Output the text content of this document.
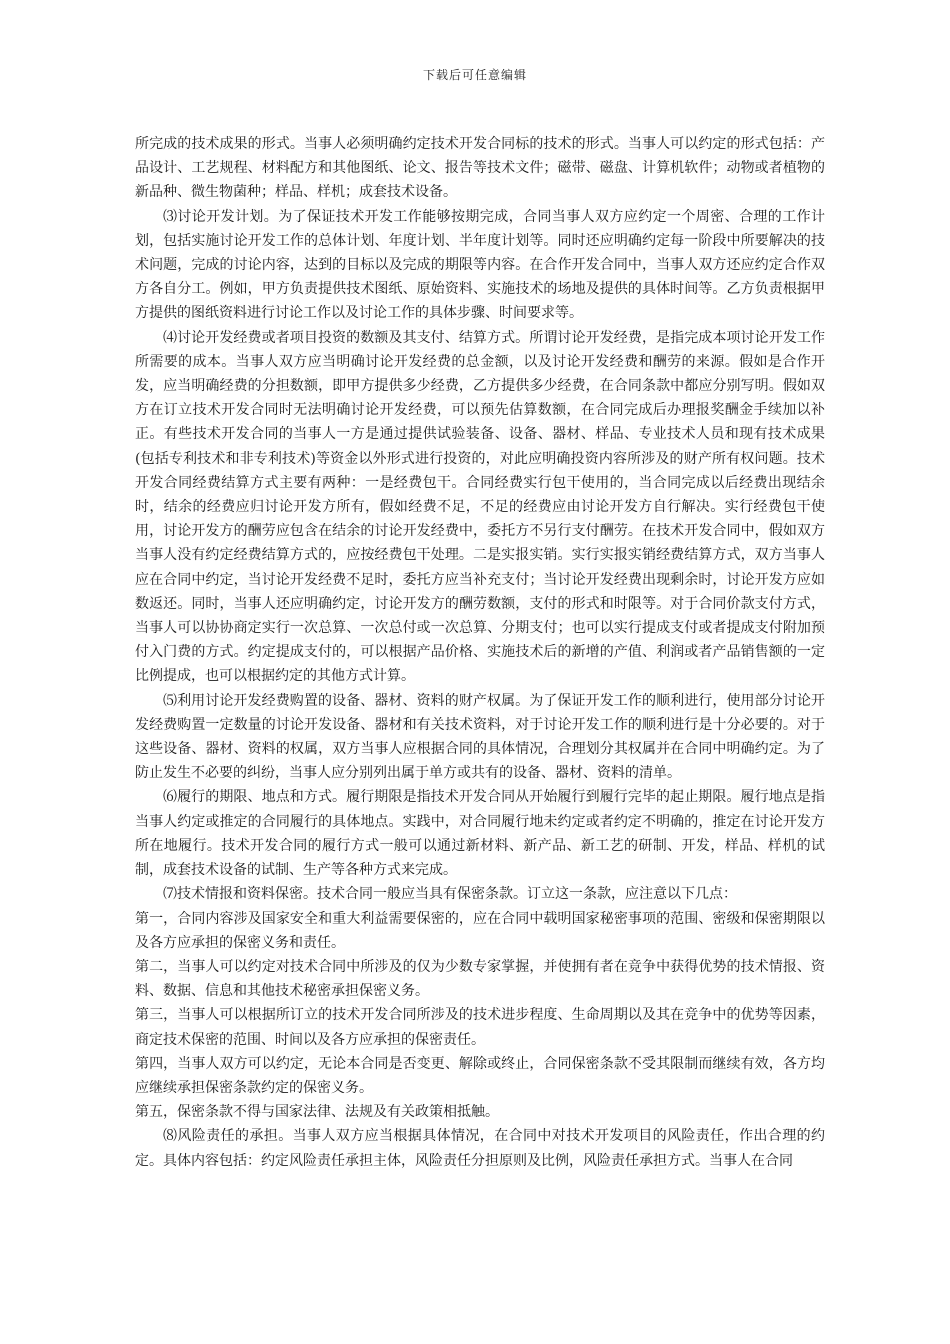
下载后可任意编辑

所完成的技术成果的形式。当事人必须明确约定技术开发合同标的技术的形式。当事人可以约定的形式包括：产品设计、工艺规程、材料配方和其他图纸、论文、报告等技术文件；磁带、磁盘、计算机软件；动物或者植物的新品种、微生物菌种；样品、样机；成套技术设备。

⑶讨论开发计划。为了保证技术开发工作能够按期完成，合同当事人双方应约定一个周密、合理的工作计划，包括实施讨论开发工作的总体计划、年度计划、半年度计划等。同时还应明确约定每一阶段中所要解决的技术问题，完成的讨论内容，达到的目标以及完成的期限等内容。在合作开发合同中，当事人双方还应约定合作双方各自分工。例如，甲方负责提供技术图纸、原始资料、实施技术的场地及提供的具体时间等。乙方负责根据甲方提供的图纸资料进行讨论工作以及讨论工作的具体步骤、时间要求等。

⑷讨论开发经费或者项目投资的数额及其支付、结算方式。所谓讨论开发经费，是指完成本项讨论开发工作所需要的成本。当事人双方应当明确讨论开发经费的总金额，以及讨论开发经费和酬劳的来源。假如是合作开发，应当明确经费的分担数额，即甲方提供多少经费，乙方提供多少经费，在合同条款中都应分别写明。假如双方在订立技术开发合同时无法明确讨论开发经费，可以预先估算数额，在合同完成后办理报奖酬金手续加以补正。有些技术开发合同的当事人一方是通过提供试验装备、设备、器材、样品、专业技术人员和现有技术成果(包括专利技术和非专利技术)等资金以外形式进行投资的，对此应明确投资内容所涉及的财产所有权问题。技术开发合同经费结算方式主要有两种：一是经费包干。合同经费实行包干使用的，当合同完成以后经费出现结余时，结余的经费应归讨论开发方所有，假如经费不足，不足的经费应由讨论开发方自行解决。实行经费包干使用，讨论开发方的酬劳应包含在结余的讨论开发经费中，委托方不另行支付酬劳。在技术开发合同中，假如双方当事人没有约定经费结算方式的，应按经费包干处理。二是实报实销。实行实报实销经费结算方式，双方当事人应在合同中约定，当讨论开发经费不足时，委托方应当补充支付；当讨论开发经费出现剩余时，讨论开发方应如数返还。同时，当事人还应明确约定，讨论开发方的酬劳数额，支付的形式和时限等。对于合同价款支付方式，当事人可以协协商定实行一次总算、一次总付或一次总算、分期支付；也可以实行提成支付或者提成支付附加预付入门费的方式。约定提成支付的，可以根据产品价格、实施技术后的新增的产值、利润或者产品销售额的一定比例提成，也可以根据约定的其他方式计算。

⑸利用讨论开发经费购置的设备、器材、资料的财产权属。为了保证开发工作的顺利进行，使用部分讨论开发经费购置一定数量的讨论开发设备、器材和有关技术资料，对于讨论开发工作的顺利进行是十分必要的。对于这些设备、器材、资料的权属，双方当事人应根据合同的具体情况，合理划分其权属并在合同中明确约定。为了防止发生不必要的纠纷，当事人应分别列出属于单方或共有的设备、器材、资料的清单。

⑹履行的期限、地点和方式。履行期限是指技术开发合同从开始履行到履行完毕的起止期限。履行地点是指当事人约定或推定的合同履行的具体地点。实践中，对合同履行地未约定或者约定不明确的，推定在讨论开发方所在地履行。技术开发合同的履行方式一般可以通过新材料、新产品、新工艺的研制、开发，样品、样机的试制，成套技术设备的试制、生产等各种方式来完成。

⑺技术情报和资料保密。技术合同一般应当具有保密条款。订立这一条款，应注意以下几点：

第一，合同内容涉及国家安全和重大利益需要保密的，应在合同中载明国家秘密事项的范围、密级和保密期限以及各方应承担的保密义务和责任。

第二，当事人可以约定对技术合同中所涉及的仅为少数专家掌握，并使拥有者在竞争中获得优势的技术情报、资料、数据、信息和其他技术秘密承担保密义务。

第三，当事人可以根据所订立的技术开发合同所涉及的技术进步程度、生命周期以及其在竞争中的优势等因素，商定技术保密的范围、时间以及各方应承担的保密责任。

第四，当事人双方可以约定，无论本合同是否变更、解除或终止，合同保密条款不受其限制而继续有效，各方均应继续承担保密条款约定的保密义务。

第五，保密条款不得与国家法律、法规及有关政策相抵触。

⑻风险责任的承担。当事人双方应当根据具体情况，在合同中对技术开发项目的风险责任，作出合理的约定。具体内容包括：约定风险责任承担主体，风险责任分担原则及比例，风险责任承担方式。当事人在合同
